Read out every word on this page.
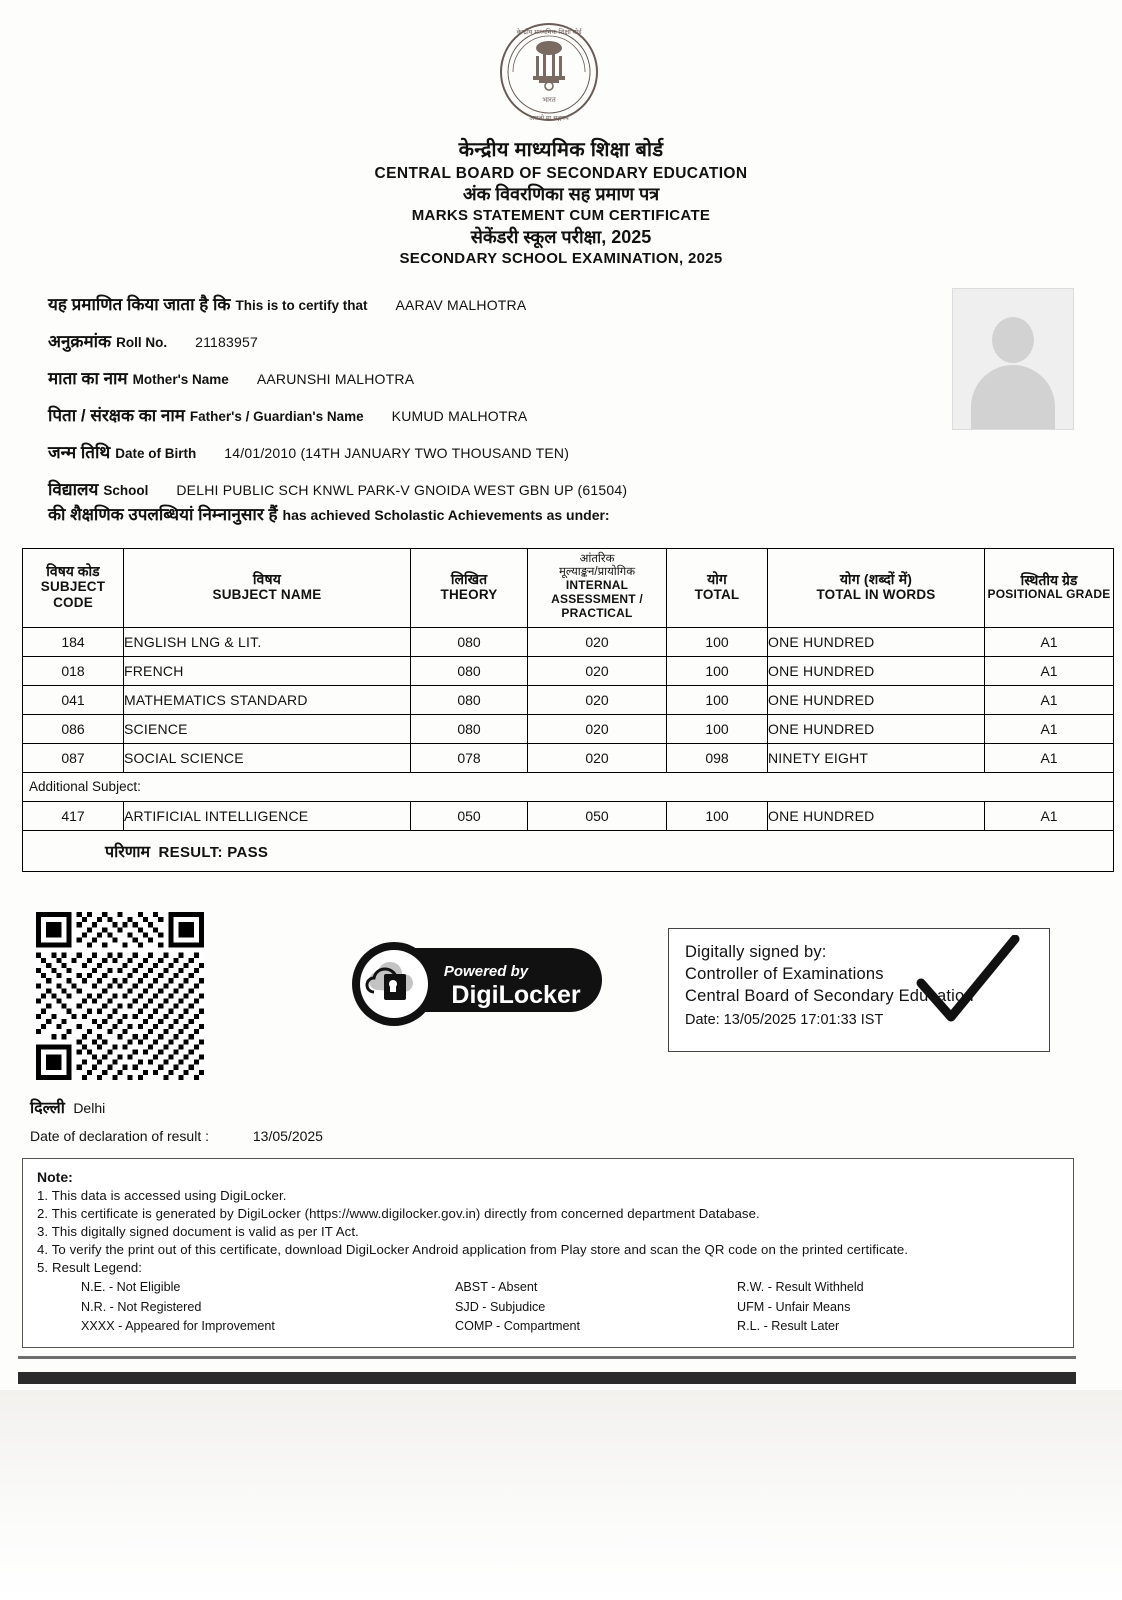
भारत
केन्द्रीय माध्यमिक शिक्षा बोर्ड
असतो मा सद्गमय
केन्द्रीय माध्यमिक शिक्षा बोर्ड
CENTRAL BOARD OF SECONDARY EDUCATION
अंक विवरणिका सह प्रमाण पत्र
MARKS STATEMENT CUM CERTIFICATE
सेकेंडरी स्कूल परीक्षा, 2025
SECONDARY SCHOOL EXAMINATION, 2025
यह प्रमाणित किया जाता है कि This is to certify that AARAV MALHOTRA
अनुक्रमांक Roll No. 21183957
माता का नाम Mother's Name AARUNSHI MALHOTRA
पिता / संरक्षक का नाम Father's / Guardian's Name KUMUD MALHOTRA
जन्म तिथि Date of Birth 14/01/2010 (14TH JANUARY TWO THOUSAND TEN)
विद्यालय School DELHI PUBLIC SCH KNWL PARK-V GNOIDA WEST GBN UP (61504)
की शैक्षणिक उपलब्धियां निम्नानुसार हैं has achieved Scholastic Achievements as under:
विषय कोड
SUBJECT CODE	विषय
SUBJECT NAME	लिखित
THEORY	आंतरिक
मूल्याङ्कन/प्रायोगिक
INTERNAL ASSESSMENT / PRACTICAL	योग
TOTAL	योग (शब्दों में)
TOTAL IN WORDS	स्थितीय ग्रेड
POSITIONAL GRADE

184	ENGLISH LNG & LIT.	080	020	100	ONE HUNDRED	A1
018	FRENCH	080	020	100	ONE HUNDRED	A1
041	MATHEMATICS STANDARD	080	020	100	ONE HUNDRED	A1
086	SCIENCE	080	020	100	ONE HUNDRED	A1
087	SOCIAL SCIENCE	078	020	098	NINETY EIGHT	A1
Additional Subject:						
417	ARTIFICIAL INTELLIGENCE	050	050	100	ONE HUNDRED	A1
परिणाम RESULT: PASS						
Powered by
DigiLocker
Digitally signed by:
Controller of Examinations
Central Board of Secondary Education
Date: 13/05/2025 17:01:33 IST
दिल्ली Delhi
Date of declaration of result :	13/05/2025
Note:
1. This data is accessed using DigiLocker.
2. This certificate is generated by DigiLocker (https://www.digilocker.gov.in) directly from concerned department Database.
3. This digitally signed document is valid as per IT Act.
4. To verify the print out of this certificate, download DigiLocker Android application from Play store and scan the QR code on the printed certificate.
5. Result Legend:
N.E. - Not Eligible
N.R. - Not Registered
XXXX - Appeared for Improvement
ABST - Absent
SJD - Subjudice
COMP - Compartment
R.W. - Result Withheld
UFM - Unfair Means
R.L. - Result Later
